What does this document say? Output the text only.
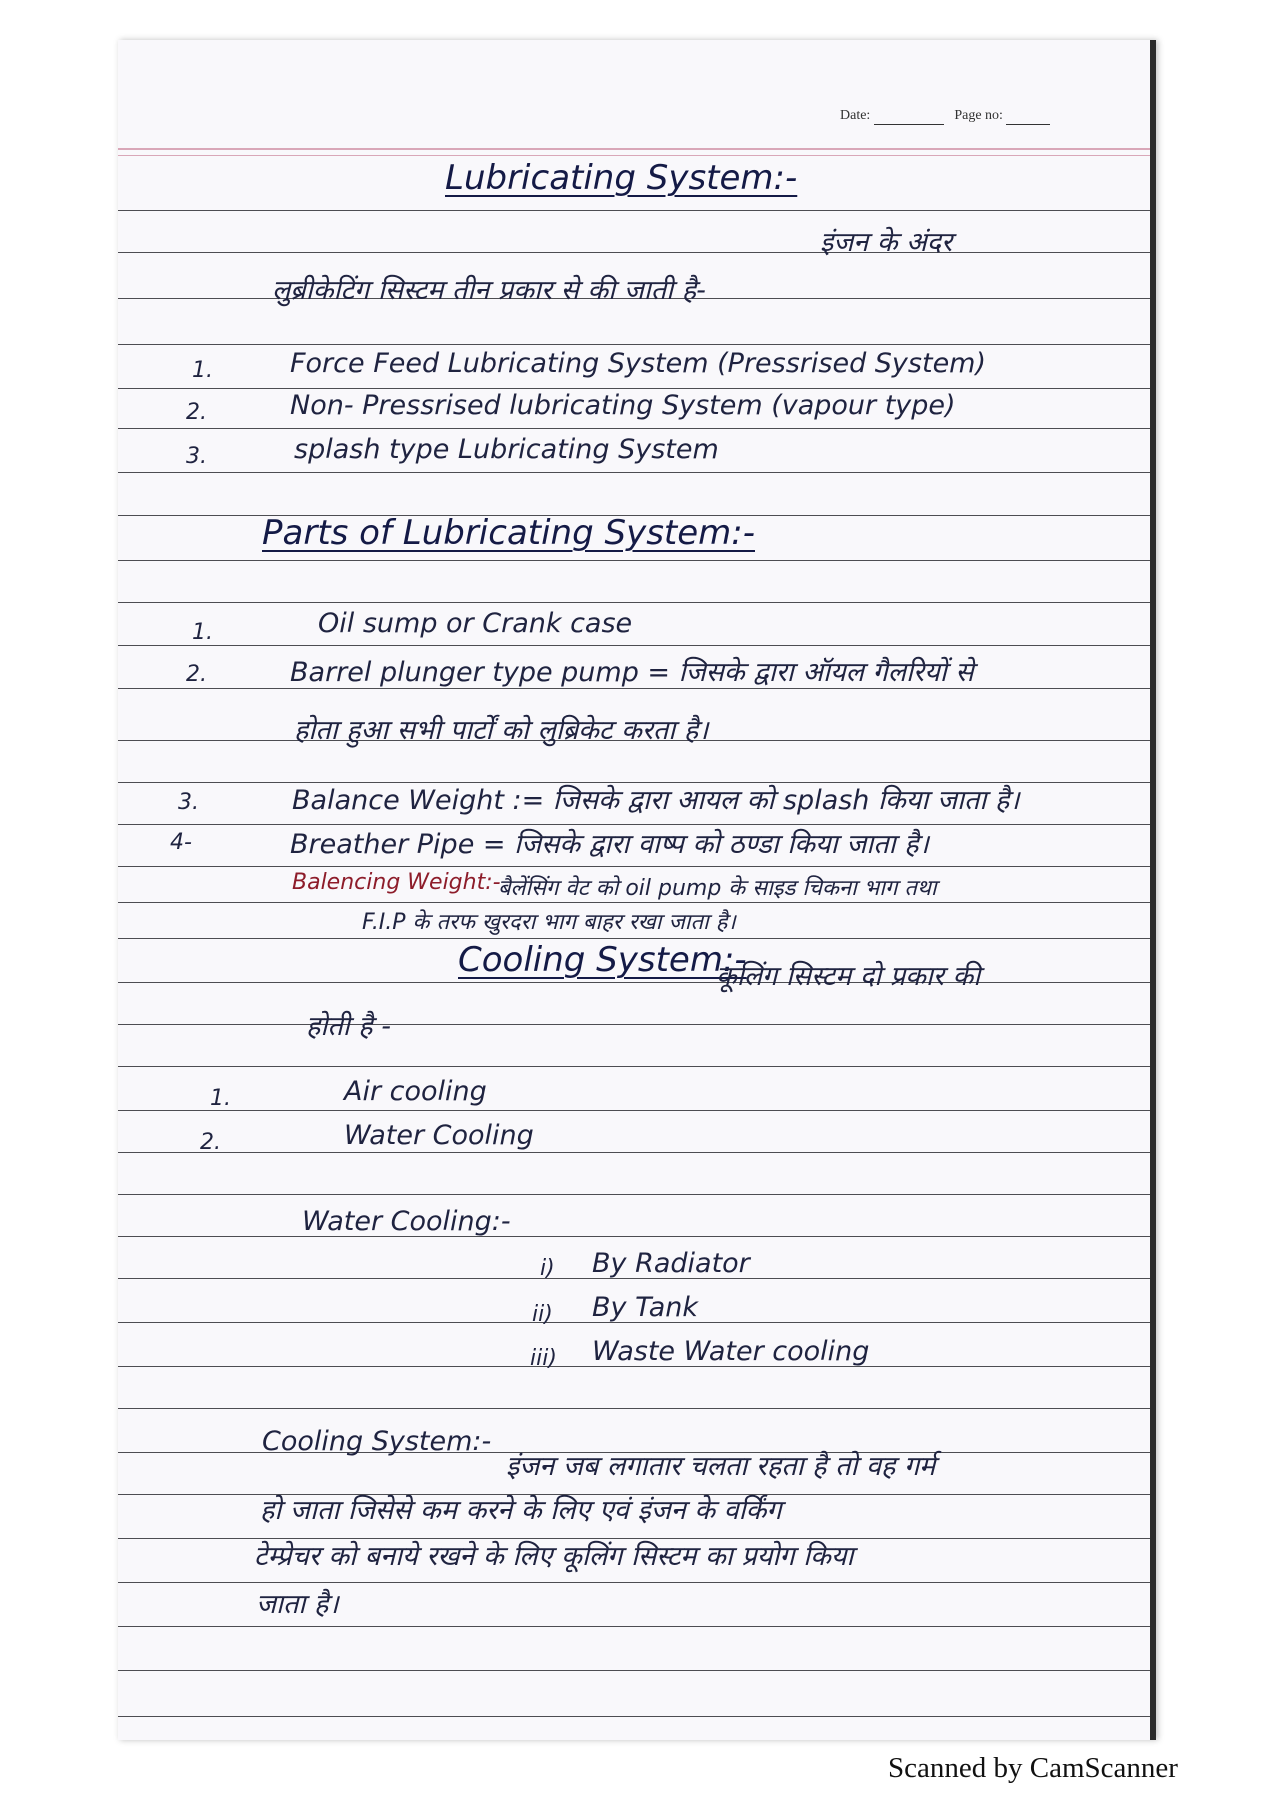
Date:	Page no:
Lubricating System:-
इंजन के अंदर
लुब्रीकेटिंग सिस्टम तीन प्रकार से की जाती है-
1.	Force Feed Lubricating System (Pressrised System)
2.	Non- Pressrised lubricating System (vapour type)
3.	splash type Lubricating System
Parts of Lubricating System:-
1.	Oil sump or Crank case
2.	Barrel plunger type pump = जिसके द्वारा ऑयल गैलरियों से
होता हुआ सभी पार्टों को लुब्रिकेट करता है।
3.	Balance Weight := जिसके द्वारा आयल को splash किया जाता है।
4-	Breather Pipe = जिसके द्वारा वाष्प को ठण्डा किया जाता है।
Balencing Weight:-
बैलेंसिंग वेट को oil pump के साइड चिकना भाग तथा
F.I.P के तरफ खुरदरा भाग बाहर रखा जाता है।
Cooling System:-
कूलिंग सिस्टम दो प्रकार की
होती है -
1.	Air cooling
2.	Water Cooling
Water Cooling:-
i) By Radiator
ii) By Tank
iii) Waste Water cooling
Cooling System:-
इंजन जब लगातार चलता रहता है तो वह गर्म
हो जाता जिसेसे कम करने के लिए एवं इंजन के वर्किंग
टेम्प्रेचर को बनाये रखने के लिए कूलिंग सिस्टम का प्रयोग किया
जाता है।
Scanned by CamScanner
